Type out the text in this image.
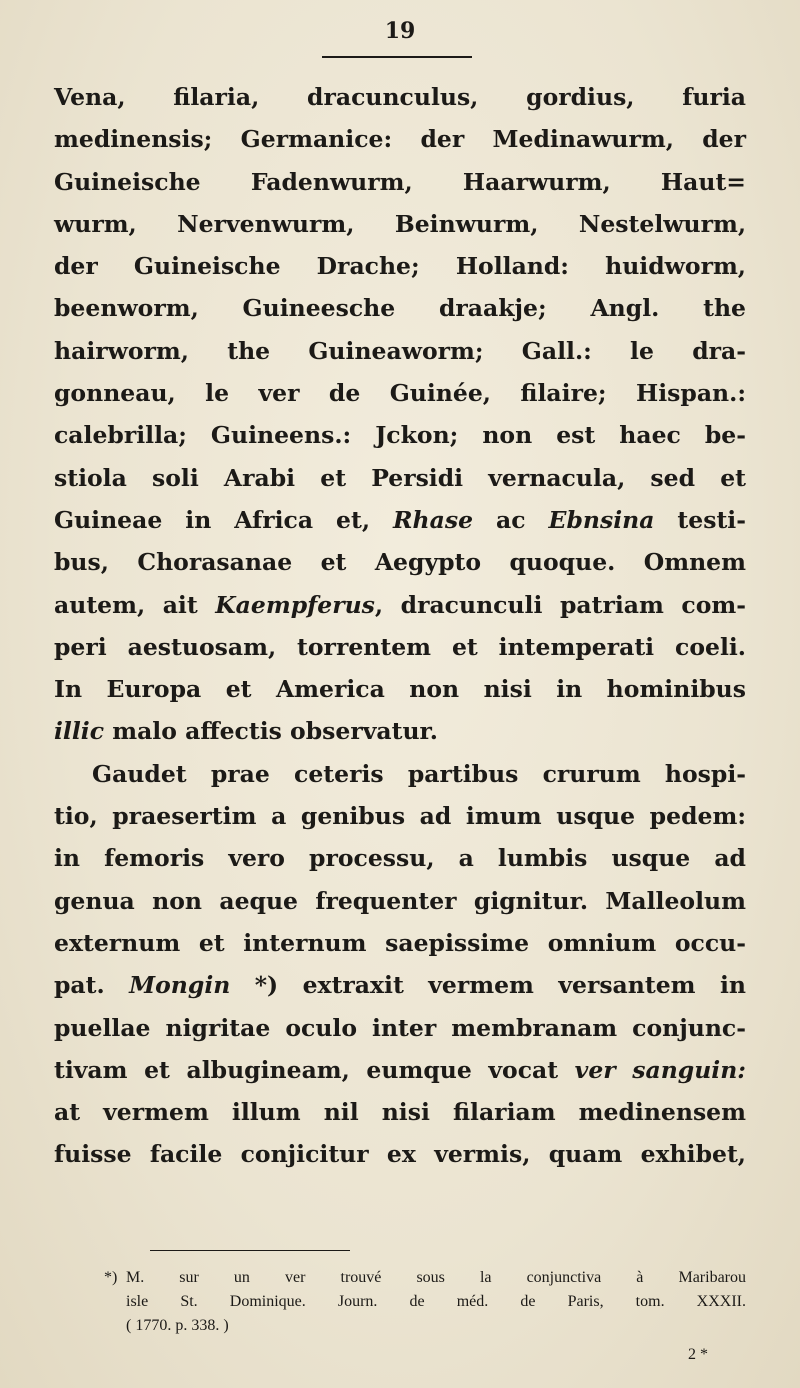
19
Vena, filaria, dracunculus, gordius, furia
medinensis; Germanice: der Medinawurm, der
Guineische Fadenwurm, Haarwurm, Haut=
wurm, Nervenwurm, Beinwurm, Nestelwurm,
der Guineische Drache; Holland: huidworm,
beenworm, Guineesche draakje; Angl. the
hairworm, the Guineaworm; Gall.: le dra-
gonneau, le ver de Guinée, filaire; Hispan.:
calebrilla; Guineens.: Jckon; non est haec be-
stiola soli Arabi et Persidi vernacula, sed et
Guineae in Africa et, Rhase ac Ebnsina testi-
bus, Chorasanae et Aegypto quoque. Omnem
autem, ait Kaempferus, dracunculi patriam com-
peri aestuosam, torrentem et intemperati coeli.
In Europa et America non nisi in hominibus
illic malo affectis observatur.
Gaudet prae ceteris partibus crurum hospi-
tio, praesertim a genibus ad imum usque pedem:
in femoris vero processu, a lumbis usque ad
genua non aeque frequenter gignitur. Malleolum
externum et internum saepissime omnium occu-
pat. Mongin *) extraxit vermem versantem in
puellae nigritae oculo inter membranam conjunc-
tivam et albugineam, eumque vocat ver sanguin:
at vermem illum nil nisi filariam medinensem
fuisse facile conjicitur ex vermis, quam exhibet,
*) M. sur un ver trouvé sous la conjunctiva à Maribarou
isle St. Dominique. Journ. de méd. de Paris, tom. XXXII.
( 1770. p. 338. )
2 *
